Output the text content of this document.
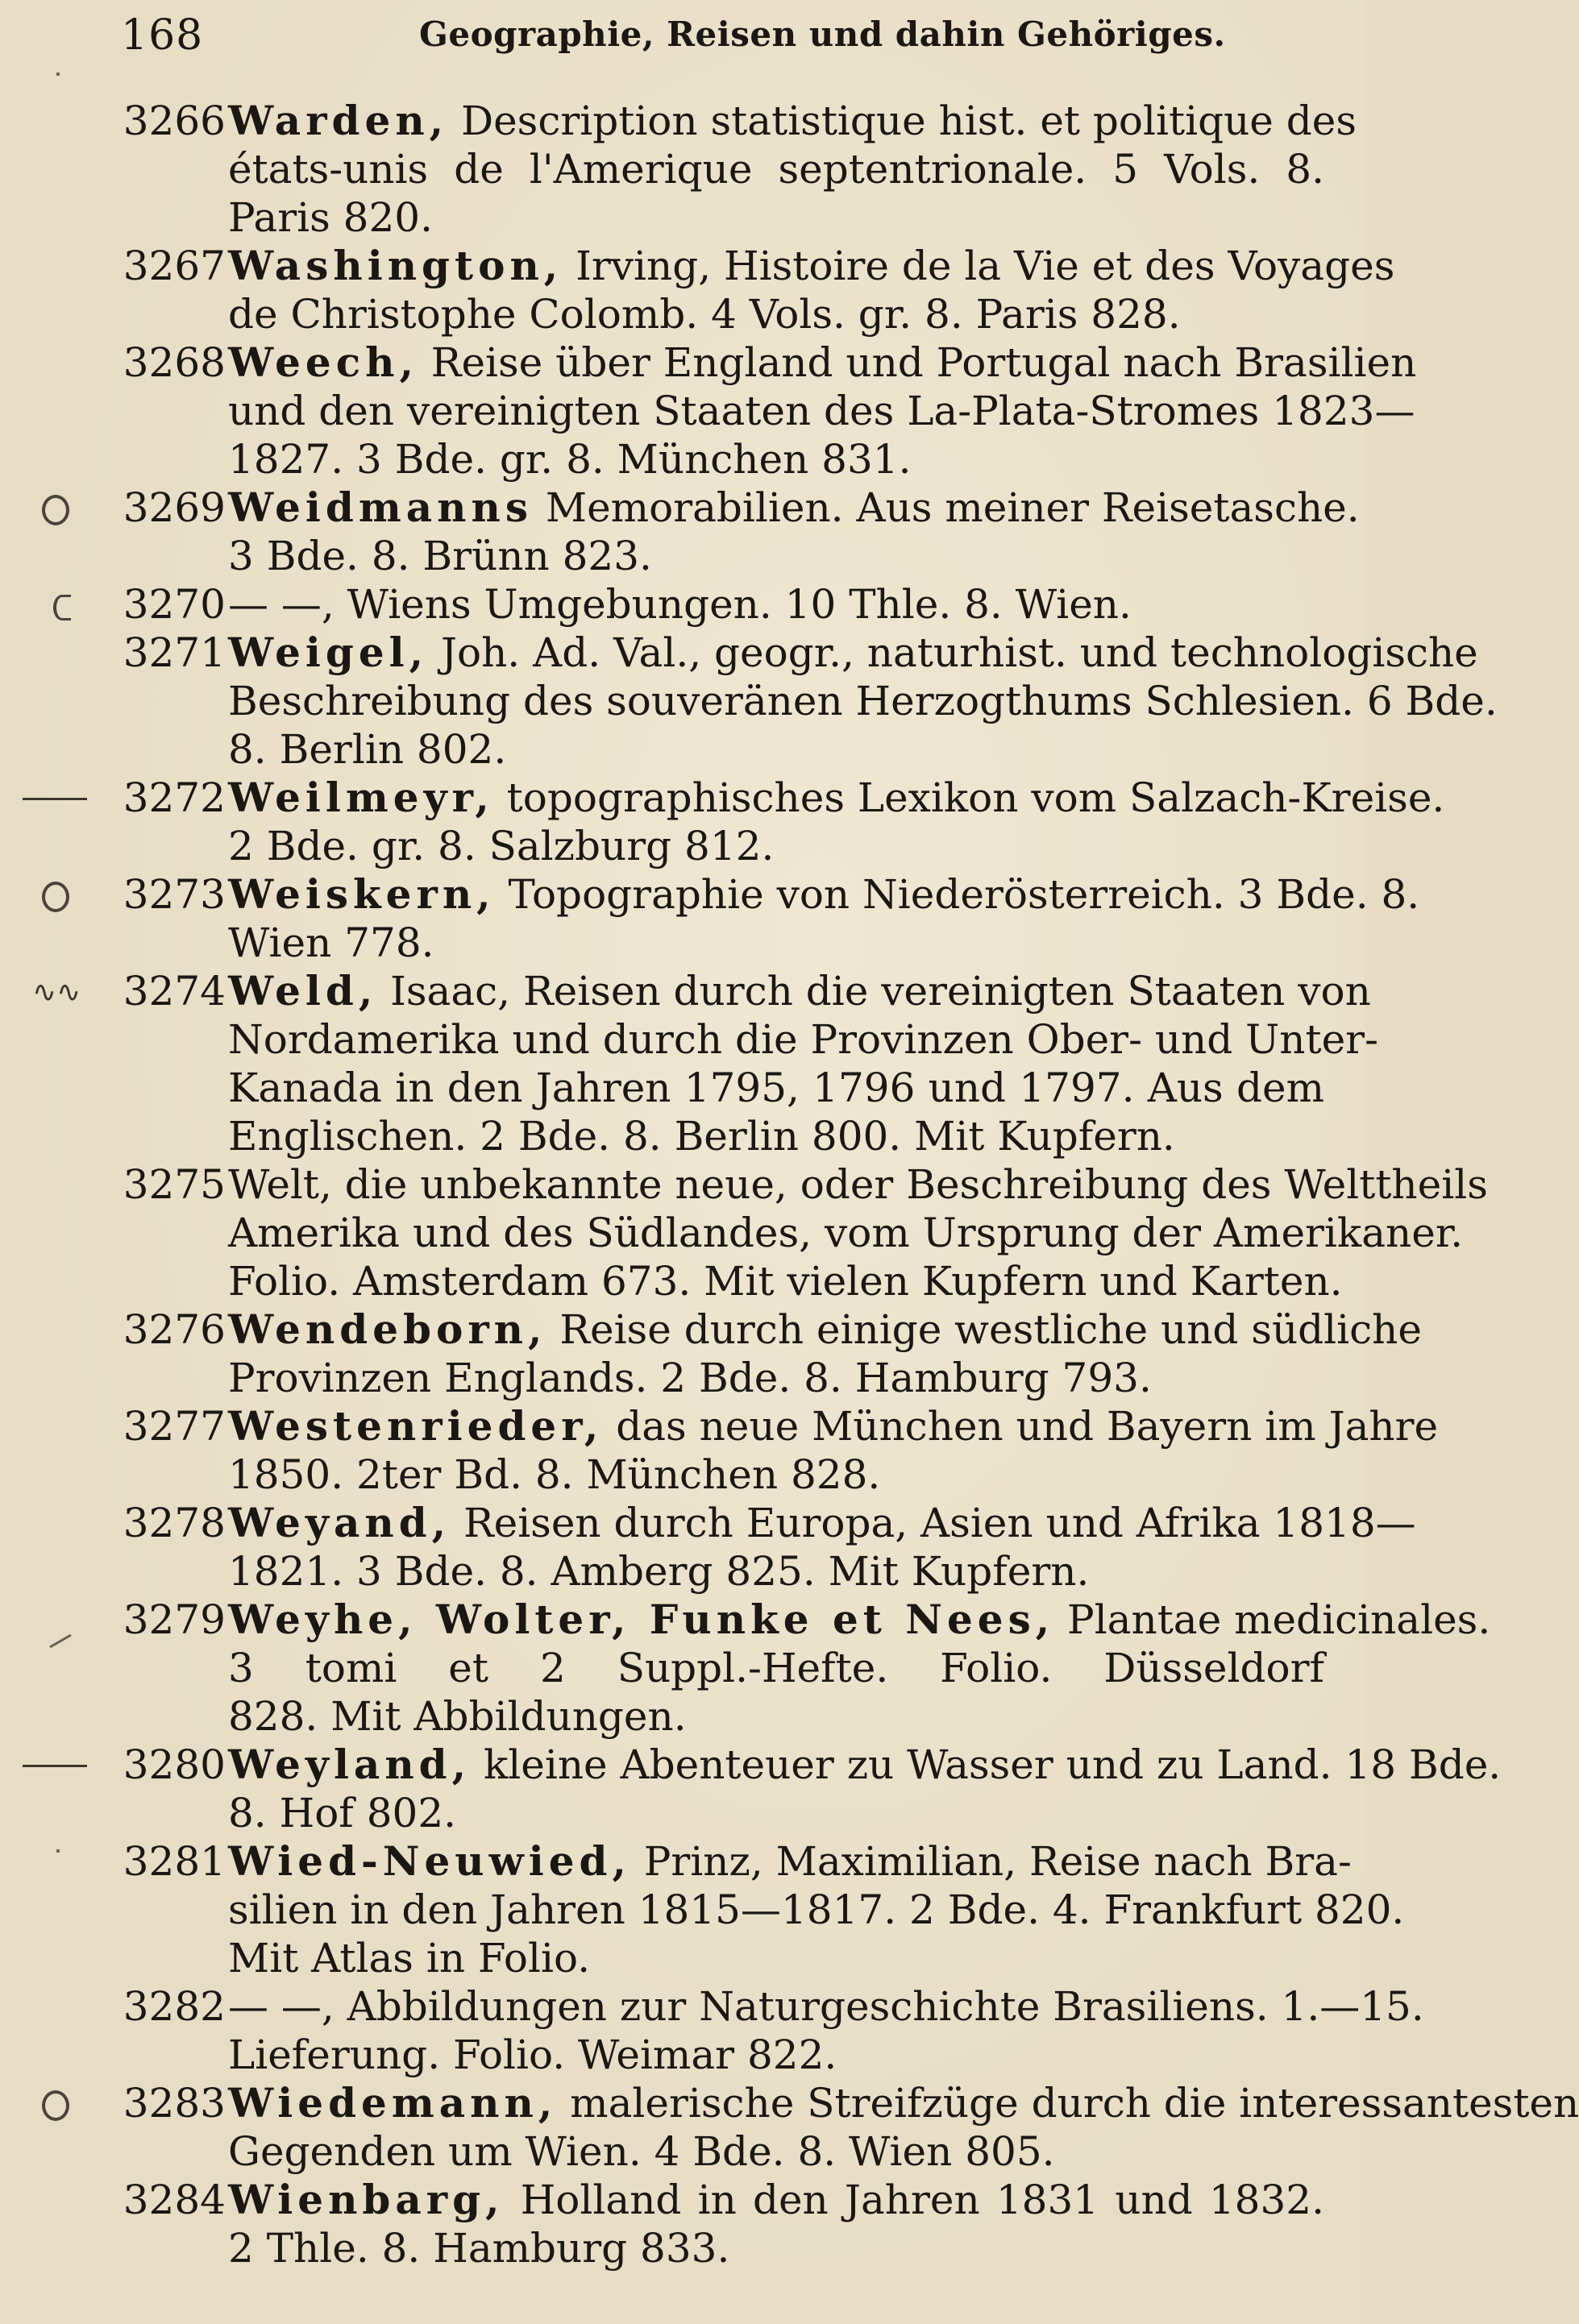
168	Geographie, Reisen und dahin Gehöriges.
3266 Warden, Description statistique hist. et politique des
états-unis de l'Amerique septentrionale. 5 Vols. 8.
Paris 820.
3267 Washington, Irving, Histoire de la Vie et des Voyages
de Christophe Colomb. 4 Vols. gr. 8. Paris 828.
3268 Weech, Reise über England und Portugal nach Brasilien
und den vereinigten Staaten des La-Plata-Stromes 1823—
1827. 3 Bde. gr. 8. München 831.
3269 Weidmanns Memorabilien. Aus meiner Reisetasche.
3 Bde. 8. Brünn 823.
3270 — —, Wiens Umgebungen. 10 Thle. 8. Wien.
3271 Weigel, Joh. Ad. Val., geogr., naturhist. und technologische
Beschreibung des souveränen Herzogthums Schlesien. 6 Bde.
8. Berlin 802.
3272 Weilmeyr, topographisches Lexikon vom Salzach-Kreise.
2 Bde. gr. 8. Salzburg 812.
3273 Weiskern, Topographie von Niederösterreich. 3 Bde. 8.
Wien 778.
∿∿	3274 Weld, Isaac, Reisen durch die vereinigten Staaten von
Nordamerika und durch die Provinzen Ober- und Unter-
Kanada in den Jahren 1795, 1796 und 1797. Aus dem
Englischen. 2 Bde. 8. Berlin 800. Mit Kupfern.
3275 Welt, die unbekannte neue, oder Beschreibung des Welttheils
Amerika und des Südlandes, vom Ursprung der Amerikaner.
Folio. Amsterdam 673. Mit vielen Kupfern und Karten.
3276 Wendeborn, Reise durch einige westliche und südliche
Provinzen Englands. 2 Bde. 8. Hamburg 793.
3277 Westenrieder, das neue München und Bayern im Jahre
1850. 2ter Bd. 8. München 828.
3278 Weyand, Reisen durch Europa, Asien und Afrika 1818—
1821. 3 Bde. 8. Amberg 825. Mit Kupfern.
3279 Weyhe, Wolter, Funke et Nees, Plantae medicinales.
3 tomi et 2 Suppl.-Hefte. Folio. Düsseldorf
828. Mit Abbildungen.
3280 Weyland, kleine Abenteuer zu Wasser und zu Land. 18 Bde.
8. Hof 802.
3281 Wied-Neuwied, Prinz, Maximilian, Reise nach Bra-
silien in den Jahren 1815—1817. 2 Bde. 4. Frankfurt 820.
Mit Atlas in Folio.
3282 — —, Abbildungen zur Naturgeschichte Brasiliens. 1.—15.
Lieferung. Folio. Weimar 822.
3283 Wiedemann, malerische Streifzüge durch die interessantesten
Gegenden um Wien. 4 Bde. 8. Wien 805.
3284 Wienbarg, Holland in den Jahren 1831 und 1832.
2 Thle. 8. Hamburg 833.
